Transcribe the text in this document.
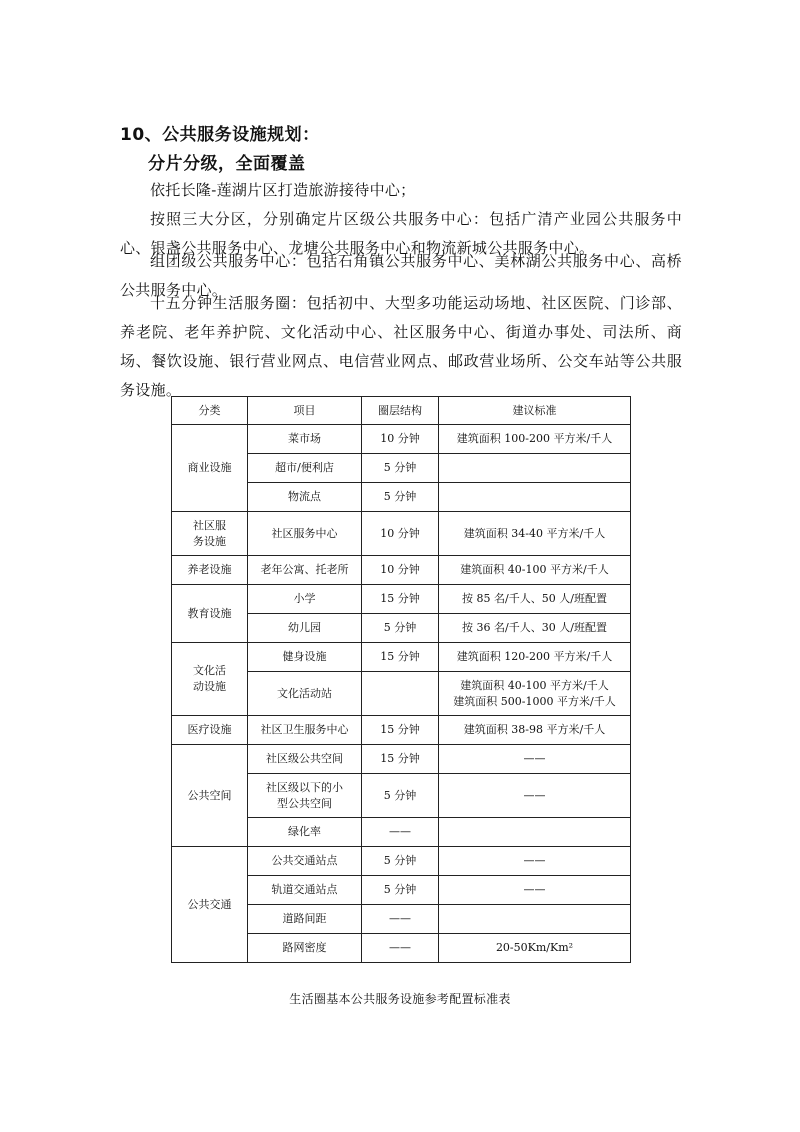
10、公共服务设施规划：
分片分级，全面覆盖
依托长隆-莲湖片区打造旅游接待中心；
按照三大分区，分别确定片区级公共服务中心：包括广清产业园公共服务中心、银盏公共服务中心、龙塘公共服务中心和物流新城公共服务中心。
组团级公共服务中心：包括石角镇公共服务中心、美林湖公共服务中心、高桥公共服务中心。
十五分钟生活服务圈：包括初中、大型多功能运动场地、社区医院、门诊部、养老院、老年养护院、文化活动中心、社区服务中心、街道办事处、司法所、商场、餐饮设施、银行营业网点、电信营业网点、邮政营业场所、公交车站等公共服务设施。
分类	项目	圈层结构	建议标准
商业设施	菜市场	10 分钟	建筑面积 100-200 平方米/千人
	超市/便利店	5 分钟	
	物流点	5 分钟	
社区服务设施	社区服务中心	10 分钟	建筑面积 34-40 平方米/千人
养老设施	老年公寓、托老所	10 分钟	建筑面积 40-100 平方米/千人
教育设施	小学	15 分钟	按 85 名/千人、50 人/班配置
	幼儿园	5 分钟	按 36 名/千人、30 人/班配置
文化活动设施	健身设施	15 分钟	建筑面积 120-200 平方米/千人
	文化活动站		建筑面积 40-100 平方米/千人
建筑面积 500-1000 平方米/千人

医疗设施	社区卫生服务中心	15 分钟	建筑面积 38-98 平方米/千人
公共空间	社区级公共空间	15 分钟	——
	社区级以下的小型公共空间	5 分钟	——
	绿化率	——	
公共交通	公共交通站点	5 分钟	——
	轨道交通站点	5 分钟	——
	道路间距	——	
	路网密度	——	20-50Km/Km²
生活圈基本公共服务设施参考配置标准表
